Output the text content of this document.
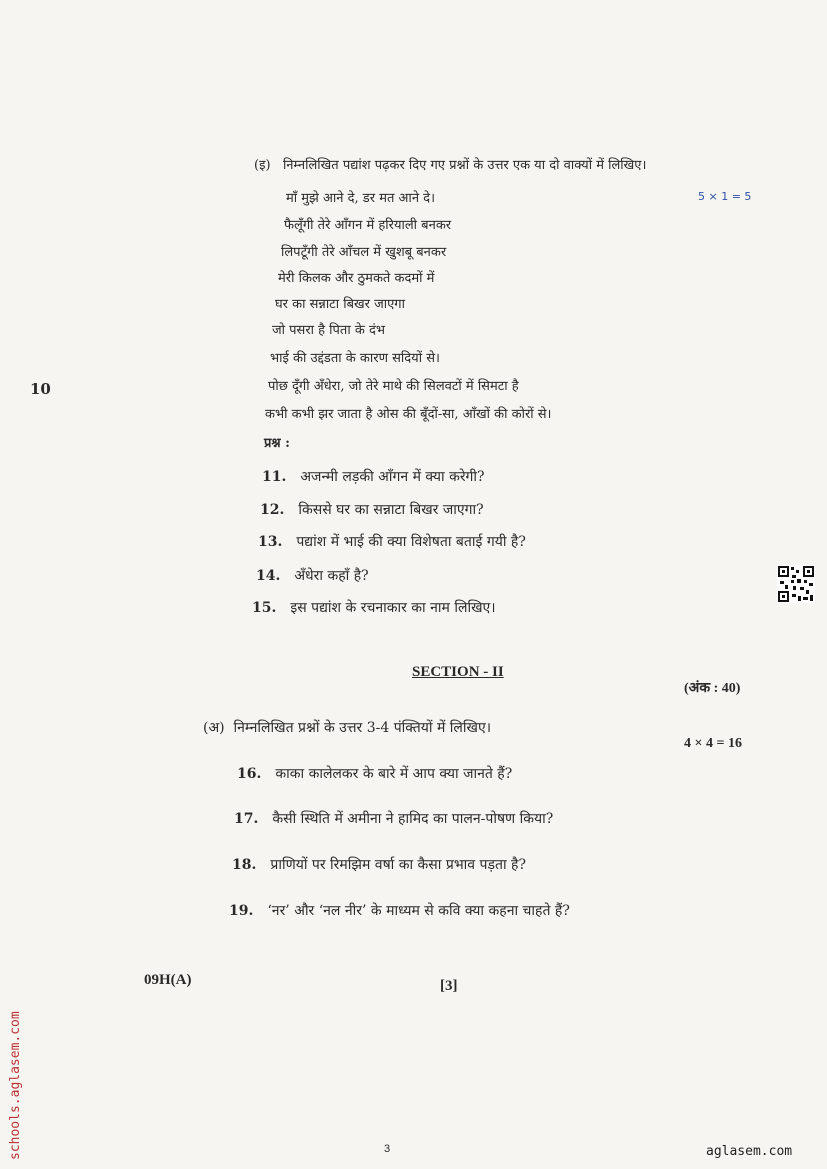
10
(इ) निम्नलिखित पद्यांश पढ़कर दिए गए प्रश्नों के उत्तर एक या दो वाक्यों में लिखिए।
5 × 1 = 5
माँ मुझे आने दे, डर मत आने दे।
फैलूँगी तेरे आँगन में हरियाली बनकर
लिपटूँगी तेरे आँचल में खुशबू बनकर
मेरी किलक और ठुमकते कदमों में
घर का सन्नाटा बिखर जाएगा
जो पसरा है पिता के दंभ
भाई की उद्दंडता के कारण सदियों से।
पोछ दूँगी अँधेरा, जो तेरे माथे की सिलवटों में सिमटा है
कभी कभी झर जाता है ओस की बूँदों-सा, आँखों की कोरों से।
प्रश्न :
11. अजन्मी लड़की आँगन में क्या करेगी?
12. किससे घर का सन्नाटा बिखर जाएगा?
13. पद्यांश में भाई की क्या विशेषता बताई गयी है?
14. अँधेरा कहाँ है?
15. इस पद्यांश के रचनाकार का नाम लिखिए।
SECTION - II
(अंक : 40)
(अ) निम्नलिखित प्रश्नों के उत्तर 3-4 पंक्तियों में लिखिए।
4 × 4 = 16
16. काका कालेलकर के बारे में आप क्या जानते हैं?
17. कैसी स्थिति में अमीना ने हामिद का पालन-पोषण किया?
18. प्राणियों पर रिमझिम वर्षा का कैसा प्रभाव पड़ता है?
19. ‘नर’ और ‘नल नीर’ के माध्यम से कवि क्या कहना चाहते हैं?
09H(A)	[3]
3	aglasem.com
schools.aglasem.com
